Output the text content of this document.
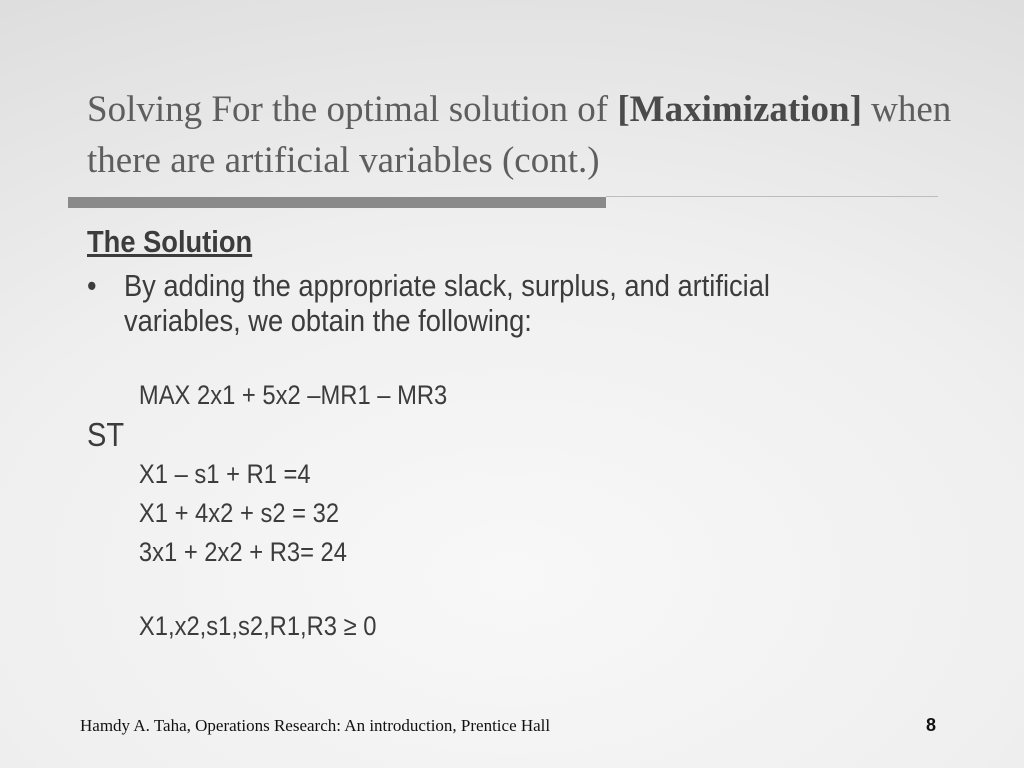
Solving For the optimal solution of [Maximization] when there are artificial variables (cont.)
The Solution
• By adding the appropriate slack, surplus, and artificial variables, we obtain the following:
MAX 2x1 + 5x2 –MR1 – MR3
ST
X1 – s1 + R1 =4
X1 + 4x2 + s2 = 32
3x1 + 2x2 + R3= 24
X1,x2,s1,s2,R1,R3 ≥ 0
Hamdy A. Taha, Operations Research: An introduction, Prentice Hall	8
